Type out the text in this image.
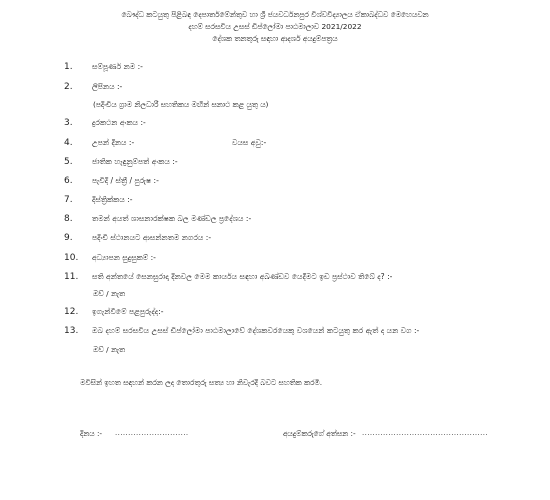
බෞද්ධ කටයුතු පිළිබඳ දෙපාර්තමේන්තුව හා ශ්‍රී ජයවර්ධනපුර විශ්වවිද්‍යාලය ඒකාබද්ධව මෙහෙයවන
දහම් සරසවිය උසස් ඩිප්ලෝමා පාඨමාලාව 2021/2022
දේශක තනතුරු සඳහා ආදර්ශ අයදුම්පත්‍රය
1.	සම්පූර්ණ නම :-
2.	ලිපිනය :-
(පදිංචිය ග්‍රාම නිලධාරී සහතිකය මඟින් සනාථ කළ යුතු ය)
3.	දුරකථන අංකය :-
4.	උපන් දිනය :-	වයස අවු:-
5.	ජාතික හැඳුනුම්පත් අංකය :-
6.	පැවිදි / ස්ත්‍රී / පුරුෂ :-
7.	දිස්ත්‍රික්කය :-
8.	තමන් අයත් ශාසනාරක්ෂක බල මණ්ඩල ප්‍රදේශය :-
9.	පදිංචි ස්ථානයට ආසන්නතම නගරය :-
10. අධ්‍යාපන සුදුසුකම් :-
11. සති අන්තයේ සෙනසුරාදා දිනවල මෙම කාර්යය සඳහා අඛණ්ඩව යෙදීමට ඉඩ ප්‍රස්ථාව තිබේ ද? :-
ඔව් / නැත
12. ඉගැන්වීමේ පළපුරුද්ද:-
13. ඔබ දහම් සරසවිය උසස් ඩිප්ලෝමා පාඨමාලාවේ දේශකවරයෙකු වශයෙන් කටයුතු කර ඇත් ද යන වග :-
ඔව් / නැත
මවිසින් ඉහත සඳහන් කරන ලද තොරතුරු සත්‍ය හා නිවැරදි බවට සහතික කරමි.
දිනය :- ............................	අයදුම්කරුගේ අත්සන :- ................................................
